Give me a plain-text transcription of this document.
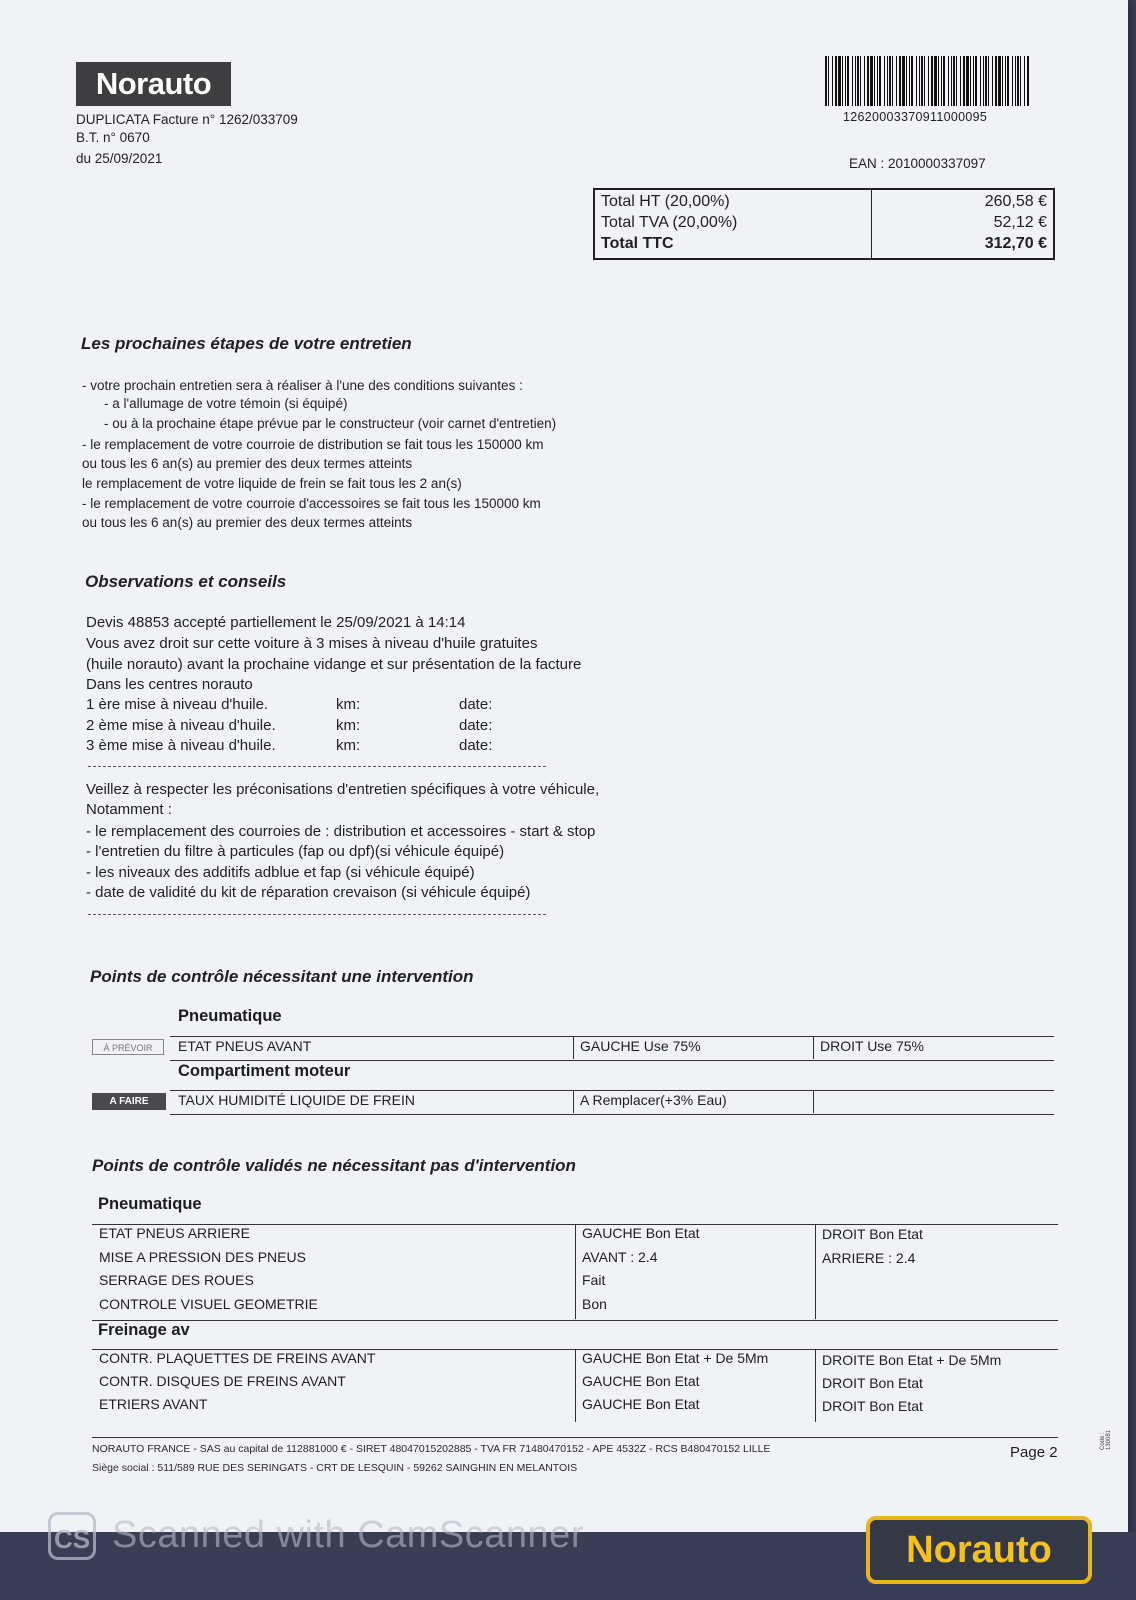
Norauto
DUPLICATA Facture n° 1262/033709
B.T. n° 0670
du 25/09/2021
12620003370911000095
EAN : 2010000337097
Total HT (20,00%)	260,58 €
Total TVA (20,00%)	52,12 €
Total TTC	312,70 €
Les prochaines étapes de votre entretien
- votre prochain entretien sera à réaliser à l'une des conditions suivantes :
- a l'allumage de votre témoin (si équipé)
- ou à la prochaine étape prévue par le constructeur (voir carnet d'entretien)
- le remplacement de votre courroie de distribution se fait tous les 150000 km
ou tous les 6 an(s) au premier des deux termes atteints
le remplacement de votre liquide de frein se fait tous les 2 an(s)
- le remplacement de votre courroie d'accessoires se fait tous les 150000 km
ou tous les 6 an(s) au premier des deux termes atteints
Observations et conseils
Devis 48853 accepté partiellement le 25/09/2021 à 14:14
Vous avez droit sur cette voiture à 3 mises à niveau d'huile gratuites
(huile norauto) avant la prochaine vidange et sur présentation de la facture
Dans les centres norauto
1 ère mise à niveau d'huile.	km:	date:
2 ème mise à niveau d'huile.	km:	date:
3 ème mise à niveau d'huile.	km:	date:
Veillez à respecter les préconisations d'entretien spécifiques à votre véhicule,
Notamment :
- le remplacement des courroies de : distribution et accessoires - start & stop
- l'entretien du filtre à particules (fap ou dpf)(si véhicule équipé)
- les niveaux des additifs adblue et fap (si véhicule équipé)
- date de validité du kit de réparation crevaison (si véhicule équipé)
Points de contrôle nécessitant une intervention
Pneumatique
À PRÉVOIR	ETAT PNEUS AVANT	GAUCHE Use 75%	DROIT Use 75%
Compartiment moteur
A FAIRE	TAUX HUMIDITÉ LIQUIDE DE FREIN	A Remplacer(+3% Eau)
Points de contrôle validés ne nécessitant pas d'intervention
Pneumatique
ETAT PNEUS ARRIERE	GAUCHE Bon Etat	DROIT Bon Etat
MISE A PRESSION DES PNEUS	AVANT : 2.4	ARRIERE : 2.4
SERRAGE DES ROUES	Fait
CONTROLE VISUEL GEOMETRIE	Bon
Freinage av
CONTR. PLAQUETTES DE FREINS AVANT	GAUCHE Bon Etat + De 5Mm	DROITE Bon Etat + De 5Mm
CONTR. DISQUES DE FREINS AVANT	GAUCHE Bon Etat	DROIT Bon Etat
ETRIERS AVANT	GAUCHE Bon Etat	DROIT Bon Etat
NORAUTO FRANCE - SAS au capital de 112881000 € - SIRET 48047015202885 - TVA FR 71480470152 - APE 4532Z - RCS B480470152 LILLE
Siège social : 511/589 RUE DES SERINGATS - CRT DE LESQUIN - 59262 SAINGHIN EN MELANTOIS
Page 2
Code : 130081
CS Scanned with CamScanner	Norauto
